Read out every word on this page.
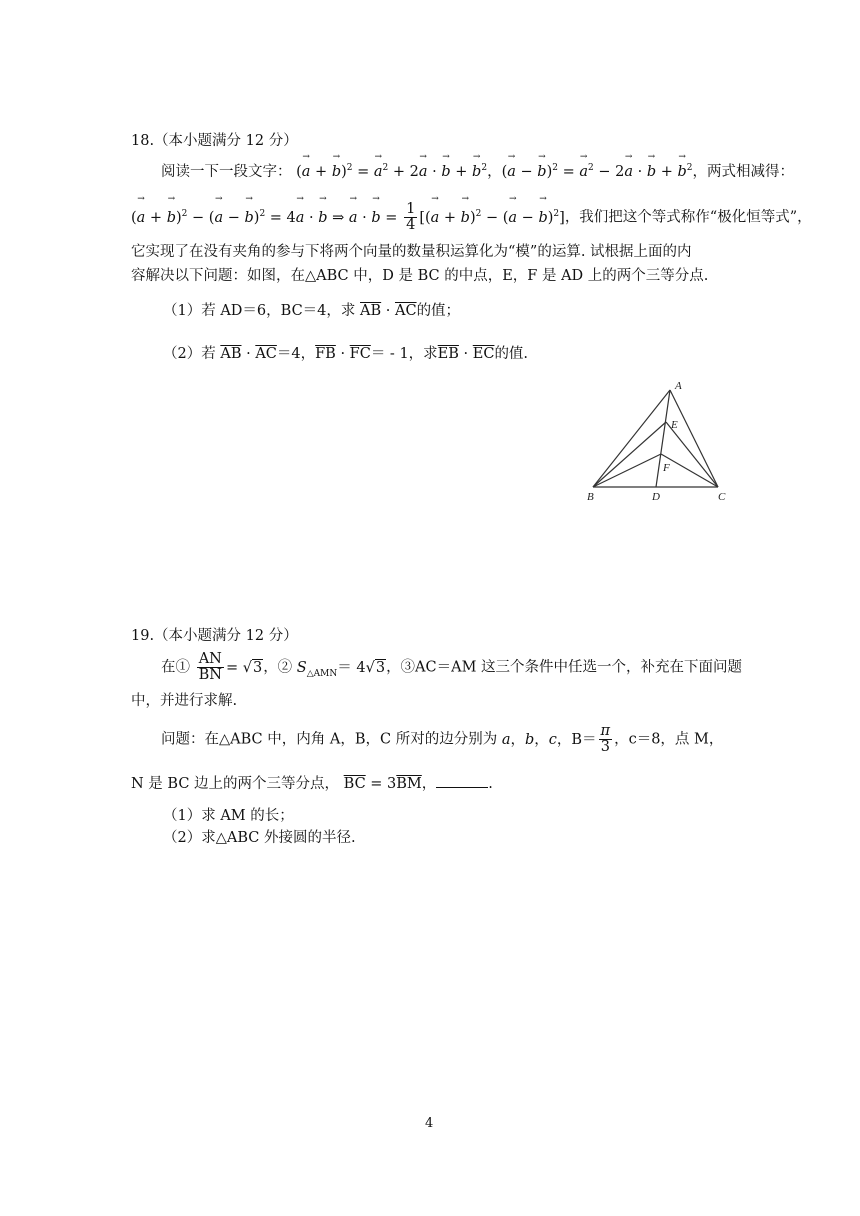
18.（本小题满分 12 分）
阅读一下一段文字： (→ a + → b)$^2$ = → $a^2 + 2\to a$ · → b + → $b^2$，(→ a − → b)$^2$ = → $a^2 - 2\to a$ · → b + → $b^2$，两式相减得：
(→ a + → b)$^2$ − (→ a − → b)$^2$ = 4→ a · → b ⇒ → a · → $b = \frac{1}{4}$ [(→ a + → b)$^2$ − (→ a − → b)$^2$]，我们把这个等式称作“极化恒等式”，
它实现了在没有夹角的参与下将两个向量的数量积运算化为“模”的运算. 试根据上面的内
容解决以下问题：如图，在△ABC 中，D 是 BC 的中点，E，F 是 AD 上的两个三等分点.
（1）若 AD＝6，BC＝4，求 $\overline{AB} \cdot \overline{AC}$的值；
（2）若 $\overline{AB} \cdot \overline{AC}=4$，$\overline{FB} \cdot \overline{FC}= - 1$，求$\overline{EB} \cdot \overline{EC}$的值.
A
B	C
D
E
F
19.（本小题满分 12 分）
在① $\frac{AN}{BN} = √3$，② $S_{\triangle AMN}= 4√3$，③AC＝AM 这三个条件中任选一个，补充在下面问题
中，并进行求解.
问题：在△ABC 中，内角 A，B，C 所对的边分别为 a，b，c，$B= \frac{\pi}{3}$ ，c＝8，点 M，
N 是 BC 边上的两个三等分点， $\overline{BC} = 3\overline{BM}$，	.
（1）求 AM 的长；
（2）求△ABC 外接圆的半径.
4
